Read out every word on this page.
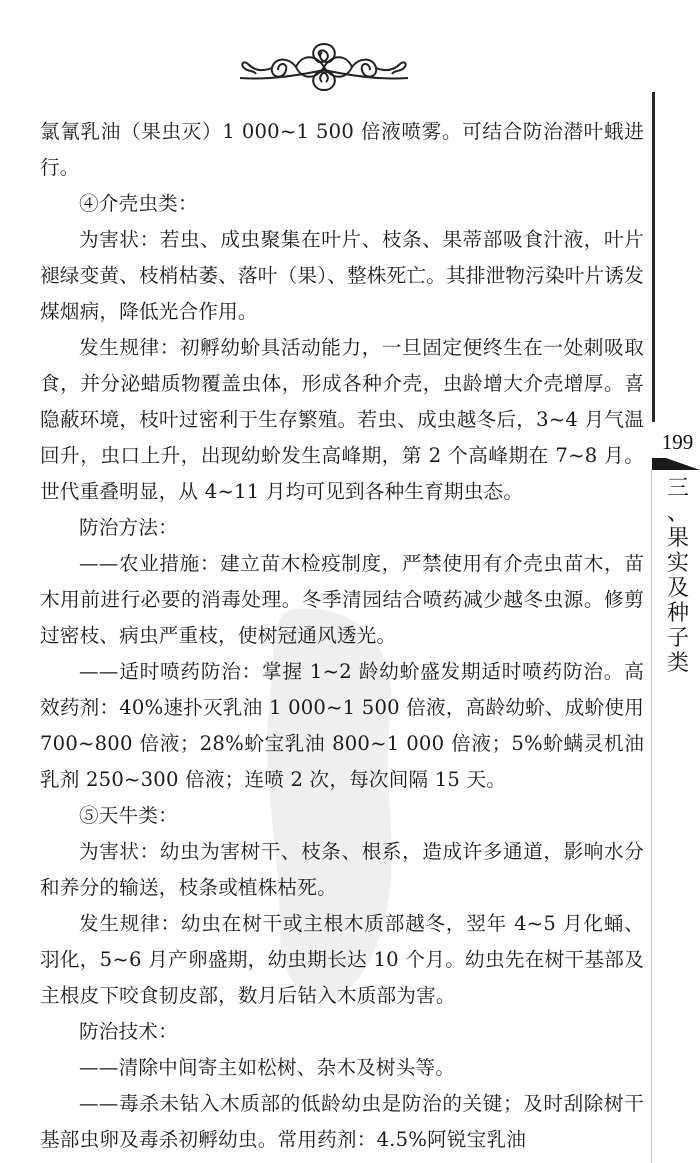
199
三
、
果
实
及
种
子
类

氯氰乳油（果虫灭）1 000~1 500 倍液喷雾。可结合防治潜叶蛾进行。

④介壳虫类：

为害状：若虫、成虫聚集在叶片、枝条、果蒂部吸食汁液，叶片褪绿变黄、枝梢枯萎、落叶（果）、整株死亡。其排泄物污染叶片诱发煤烟病，降低光合作用。

发生规律：初孵幼蚧具活动能力，一旦固定便终生在一处刺吸取食，并分泌蜡质物覆盖虫体，形成各种介壳，虫龄增大介壳增厚。喜隐蔽环境，枝叶过密利于生存繁殖。若虫、成虫越冬后，3~4 月气温回升，虫口上升，出现幼蚧发生高峰期，第 2 个高峰期在 7~8 月。世代重叠明显，从 4~11 月均可见到各种生育期虫态。

防治方法：

——农业措施：建立苗木检疫制度，严禁使用有介壳虫苗木，苗木用前进行必要的消毒处理。冬季清园结合喷药减少越冬虫源。修剪过密枝、病虫严重枝，使树冠通风透光。

——适时喷药防治：掌握 1~2 龄幼蚧盛发期适时喷药防治。高效药剂：40%速扑灭乳油 1 000~1 500 倍液，高龄幼蚧、成蚧使用 700~800 倍液；28%蚧宝乳油 800~1 000 倍液；5%蚧螨灵机油乳剂 250~300 倍液；连喷 2 次，每次间隔 15 天。

⑤天牛类：

为害状：幼虫为害树干、枝条、根系，造成许多通道，影响水分和养分的输送，枝条或植株枯死。

发生规律：幼虫在树干或主根木质部越冬，翌年 4~5 月化蛹、羽化，5~6 月产卵盛期，幼虫期长达 10 个月。幼虫先在树干基部及主根皮下咬食韧皮部，数月后钻入木质部为害。

防治技术：

——清除中间寄主如松树、杂木及树头等。

——毒杀未钻入木质部的低龄幼虫是防治的关键；及时刮除树干基部虫卵及毒杀初孵幼虫。常用药剂：4.5%阿锐宝乳油
